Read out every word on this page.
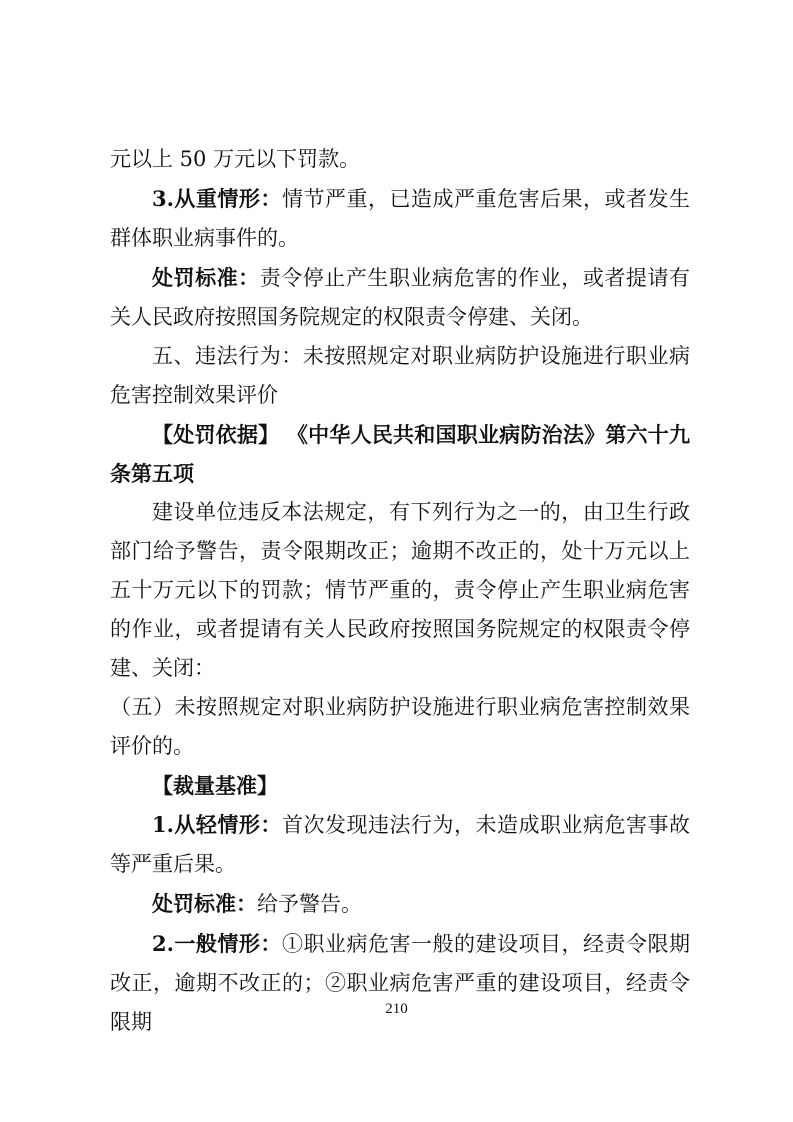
元以上 50 万元以下罚款。

3.从重情形：情节严重，已造成严重危害后果，或者发生群体职业病事件的。

处罚标准：责令停止产生职业病危害的作业，或者提请有关人民政府按照国务院规定的权限责令停建、关闭。

五、违法行为：未按照规定对职业病防护设施进行职业病危害控制效果评价

【处罚依据】 《中华人民共和国职业病防治法》第六十九条第五项

建设单位违反本法规定，有下列行为之一的，由卫生行政部门给予警告，责令限期改正；逾期不改正的，处十万元以上五十万元以下的罚款；情节严重的，责令停止产生职业病危害的作业，或者提请有关人民政府按照国务院规定的权限责令停建、关闭：

（五）未按照规定对职业病防护设施进行职业病危害控制效果评价的。

【裁量基准】

1.从轻情形：首次发现违法行为，未造成职业病危害事故等严重后果。

处罚标准：给予警告。

2.一般情形：①职业病危害一般的建设项目，经责令限期改正，逾期不改正的；②职业病危害严重的建设项目，经责令限期

210
